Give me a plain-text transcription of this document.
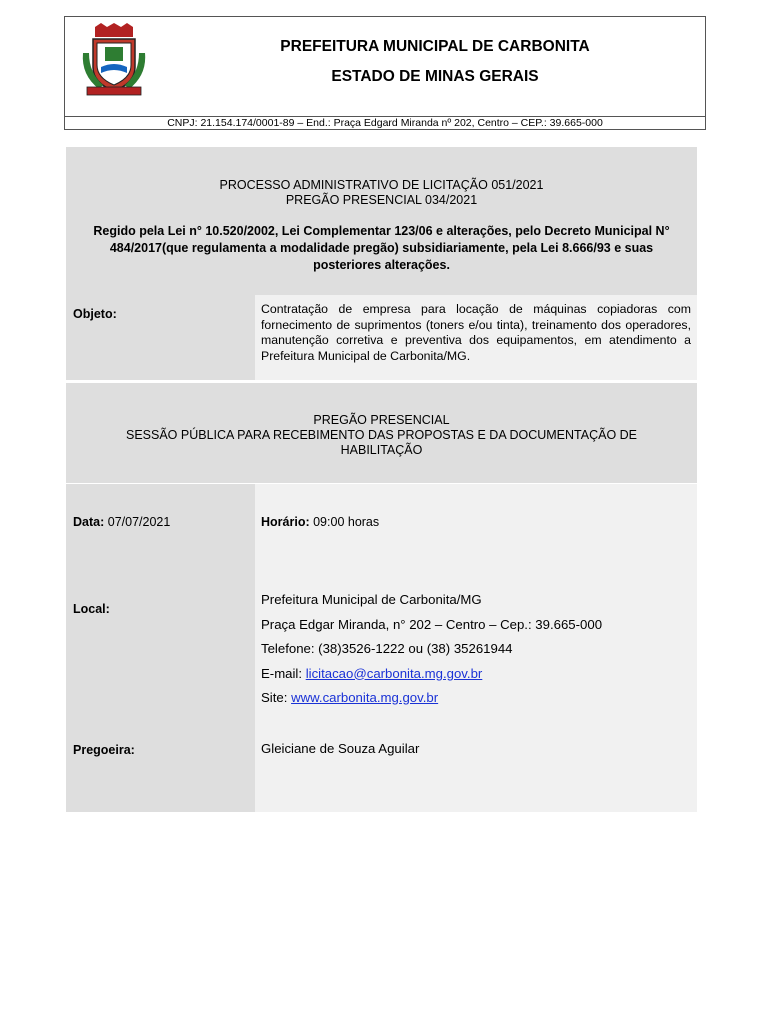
PREFEITURA MUNICIPAL DE CARBONITA
ESTADO DE MINAS GERAIS
CNPJ: 21.154.174/0001-89 – End.: Praça Edgard Miranda nº 202, Centro – CEP.: 39.665-000
PROCESSO ADMINISTRATIVO DE LICITAÇÃO 051/2021
PREGÃO PRESENCIAL 034/2021
Regido pela Lei n° 10.520/2002, Lei Complementar 123/06 e alterações, pelo Decreto Municipal N° 484/2017(que regulamenta a modalidade pregão) subsidiariamente, pela Lei 8.666/93 e suas posteriores alterações.
Objeto:	Contratação de empresa para locação de máquinas copiadoras com fornecimento de suprimentos (toners e/ou tinta), treinamento dos operadores, manutenção corretiva e preventiva dos equipamentos, em atendimento a Prefeitura Municipal de Carbonita/MG.
PREGÃO PRESENCIAL
SESSÃO PÚBLICA PARA RECEBIMENTO DAS PROPOSTAS E DA DOCUMENTAÇÃO DE
HABILITAÇÃO
Data: 07/07/2021	Horário: 09:00 horas
Local:
Prefeitura Municipal de Carbonita/MG
Praça Edgar Miranda, n° 202 – Centro – Cep.: 39.665-000
Telefone: (38)3526-1222 ou (38) 35261944
E-mail: licitacao@carbonita.mg.gov.br
Site: www.carbonita.mg.gov.br
Pregoeira:	Gleiciane de Souza Aguilar
